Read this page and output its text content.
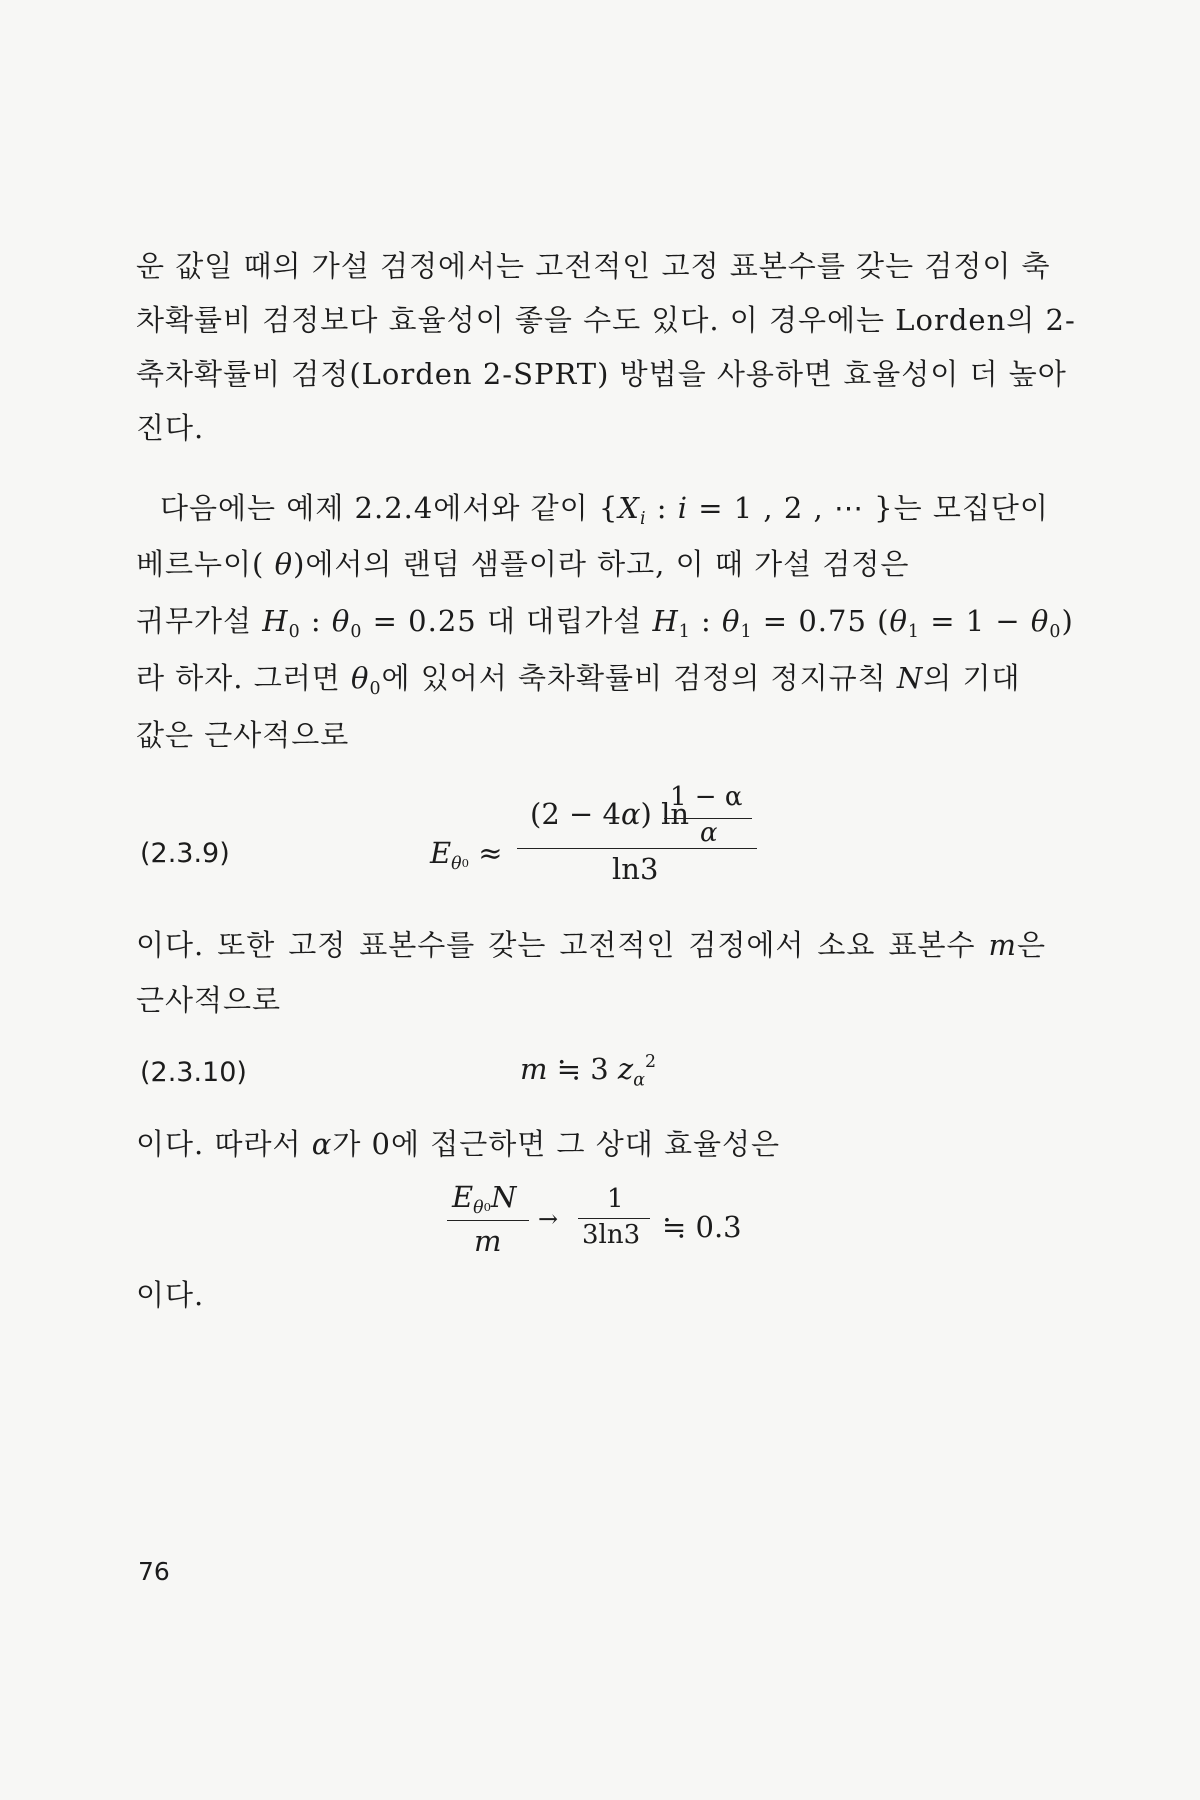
운 값일 때의 가설 검정에서는 고전적인 고정 표본수를 갖는 검정이 축
차확률비 검정보다 효율성이 좋을 수도 있다. 이 경우에는 Lorden의 2-
축차확률비 검정(Lorden 2-SPRT) 방법을 사용하면 효율성이 더 높아
진다.
다음에는 예제 2.2.4에서와 같이 {$X_i$ : i = 1 , 2 , ⋯ }는 모집단이
베르누이( θ)에서의 랜덤 샘플이라 하고, 이 때 가설 검정은
귀무가설 $H_0$ : $\theta_0 = 0.25$ 대 대립가설 $H_1$ : $\theta_1 = 0.75$ $(\theta_1 = 1 - \theta_0)$
라 하자. 그러면 $\theta_0$에 있어서 축차확률비 검정의 정지규칙 N의 기대
값은 근사적으로
(2.3.9)	$E_{\theta 0}$ ≈
(2 − 4α) ln
1 − α
α
ln3
이다. 또한 고정 표본수를 갖는 고전적인 검정에서 소요 표본수 m은
근사적으로
(2.3.10)	m ≒ 3 $z_\alpha^2$
이다. 따라서 α가 0에 접근하면 그 상대 효율성은
$E_{\theta 0}N$
m
→
1
3ln3 ≒ 0.3
이다.
76
